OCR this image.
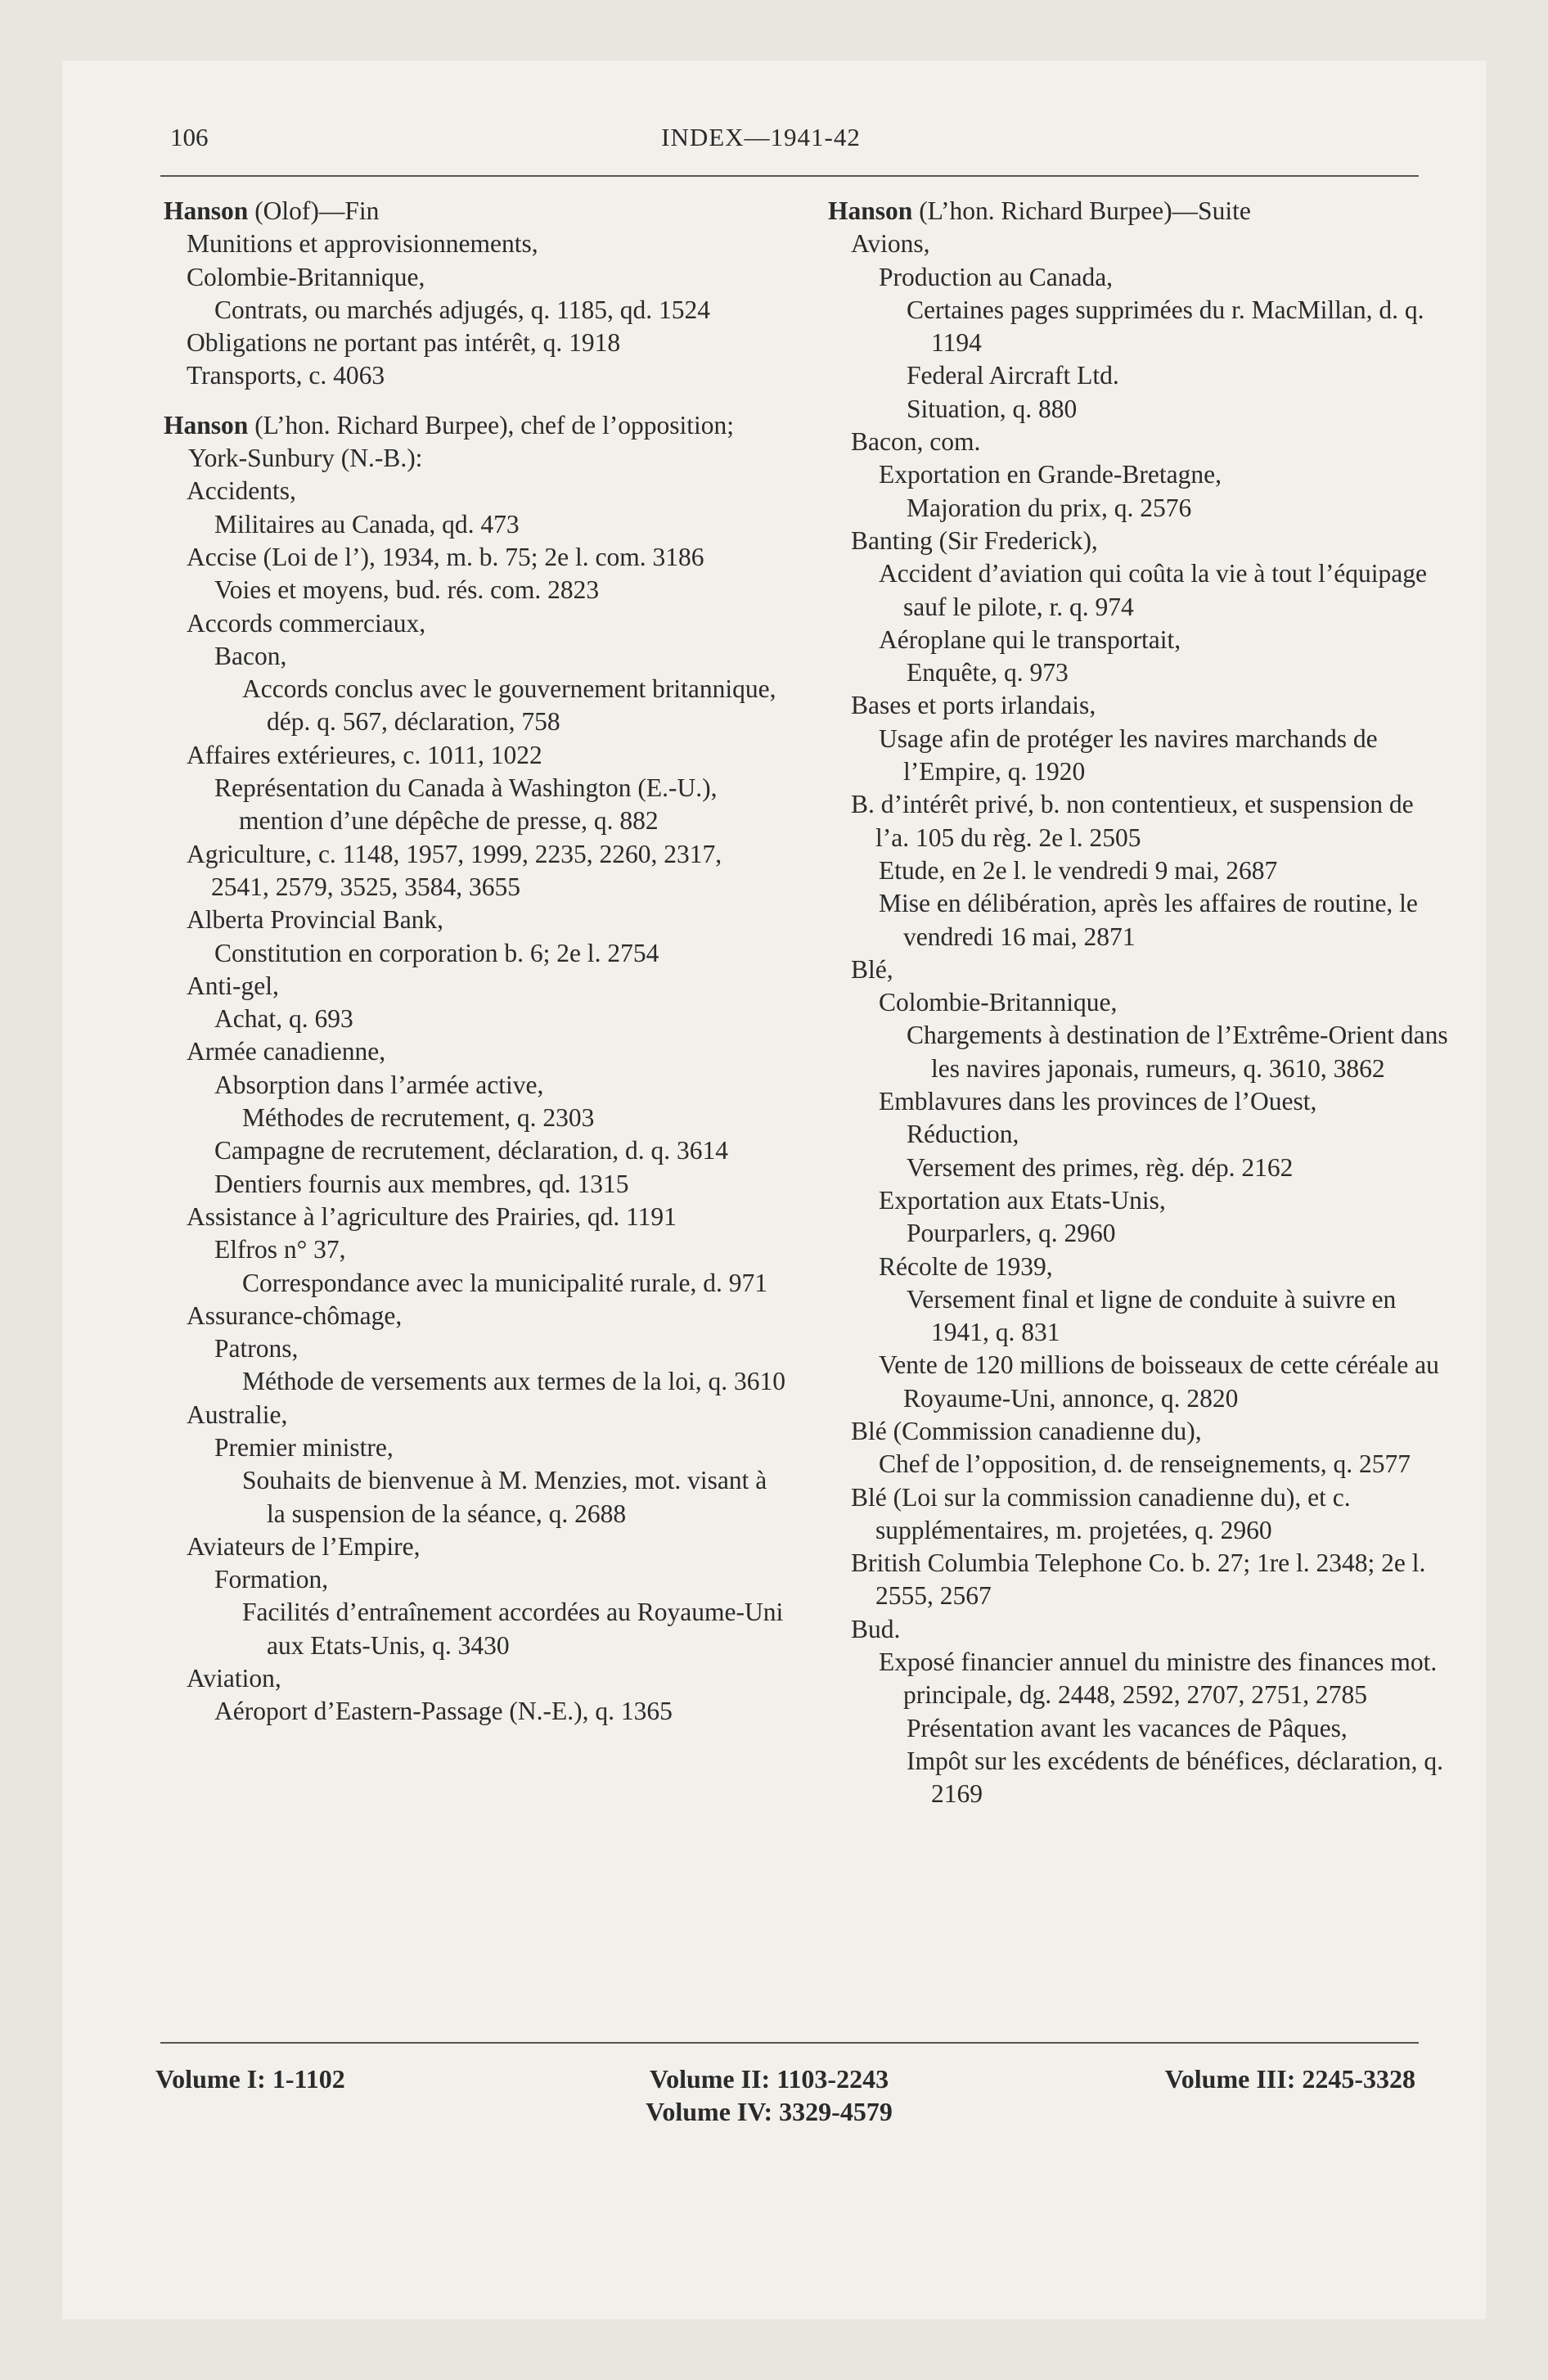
106	INDEX—1941-42
Hanson (Olof)—Fin
Munitions et approvisionnements,
Colombie-Britannique,
Contrats, ou marchés adjugés, q. 1185, qd. 1524
Obligations ne portant pas intérêt, q. 1918
Transports, c. 4063
Hanson (L’hon. Richard Burpee), chef de l’opposition; York-Sunbury (N.-B.):
Accidents,
Militaires au Canada, qd. 473
Accise (Loi de l’), 1934, m. b. 75; 2e l. com. 3186
Voies et moyens, bud. rés. com. 2823
Accords commerciaux,
Bacon,
Accords conclus avec le gouvernement britannique, dép. q. 567, déclaration, 758
Affaires extérieures, c. 1011, 1022
Représentation du Canada à Washington (E.-U.), mention d’une dépêche de presse, q. 882
Agriculture, c. 1148, 1957, 1999, 2235, 2260, 2317, 2541, 2579, 3525, 3584, 3655
Alberta Provincial Bank,
Constitution en corporation b. 6; 2e l. 2754
Anti-gel,
Achat, q. 693
Armée canadienne,
Absorption dans l’armée active,
Méthodes de recrutement, q. 2303
Campagne de recrutement, déclaration, d. q. 3614
Dentiers fournis aux membres, qd. 1315
Assistance à l’agriculture des Prairies, qd. 1191
Elfros n° 37,
Correspondance avec la municipalité rurale, d. 971
Assurance-chômage,
Patrons,
Méthode de versements aux termes de la loi, q. 3610
Australie,
Premier ministre,
Souhaits de bienvenue à M. Menzies, mot. visant à la suspension de la séance, q. 2688
Aviateurs de l’Empire,
Formation,
Facilités d’entraînement accordées au Royaume-Uni aux Etats-Unis, q. 3430
Aviation,
Aéroport d’Eastern-Passage (N.-E.), q. 1365
Hanson (L’hon. Richard Burpee)—Suite
Avions,
Production au Canada,
Certaines pages supprimées du r. MacMillan, d. q. 1194
Federal Aircraft Ltd.
Situation, q. 880
Bacon, com.
Exportation en Grande-Bretagne,
Majoration du prix, q. 2576
Banting (Sir Frederick),
Accident d’aviation qui coûta la vie à tout l’équipage sauf le pilote, r. q. 974
Aéroplane qui le transportait,
Enquête, q. 973
Bases et ports irlandais,
Usage afin de protéger les navires marchands de l’Empire, q. 1920
B. d’intérêt privé, b. non contentieux, et suspension de l’a. 105 du règ. 2e l. 2505
Etude, en 2e l. le vendredi 9 mai, 2687
Mise en délibération, après les affaires de routine, le vendredi 16 mai, 2871
Blé,
Colombie-Britannique,
Chargements à destination de l’Extrême-Orient dans les navires japonais, rumeurs, q. 3610, 3862
Emblavures dans les provinces de l’Ouest,
Réduction,
Versement des primes, règ. dép. 2162
Exportation aux Etats-Unis,
Pourparlers, q. 2960
Récolte de 1939,
Versement final et ligne de conduite à suivre en 1941, q. 831
Vente de 120 millions de boisseaux de cette céréale au Royaume-Uni, annonce, q. 2820
Blé (Commission canadienne du),
Chef de l’opposition, d. de renseignements, q. 2577
Blé (Loi sur la commission canadienne du), et c. supplémentaires, m. projetées, q. 2960
British Columbia Telephone Co. b. 27; 1re l. 2348; 2e l. 2555, 2567
Bud.
Exposé financier annuel du ministre des finances mot. principale, dg. 2448, 2592, 2707, 2751, 2785
Présentation avant les vacances de Pâques,
Impôt sur les excédents de bénéfices, déclaration, q. 2169
Volume I: 1-1102	Volume II: 1103-2243
Volume IV: 3329-4579
Volume III: 2245-3328
